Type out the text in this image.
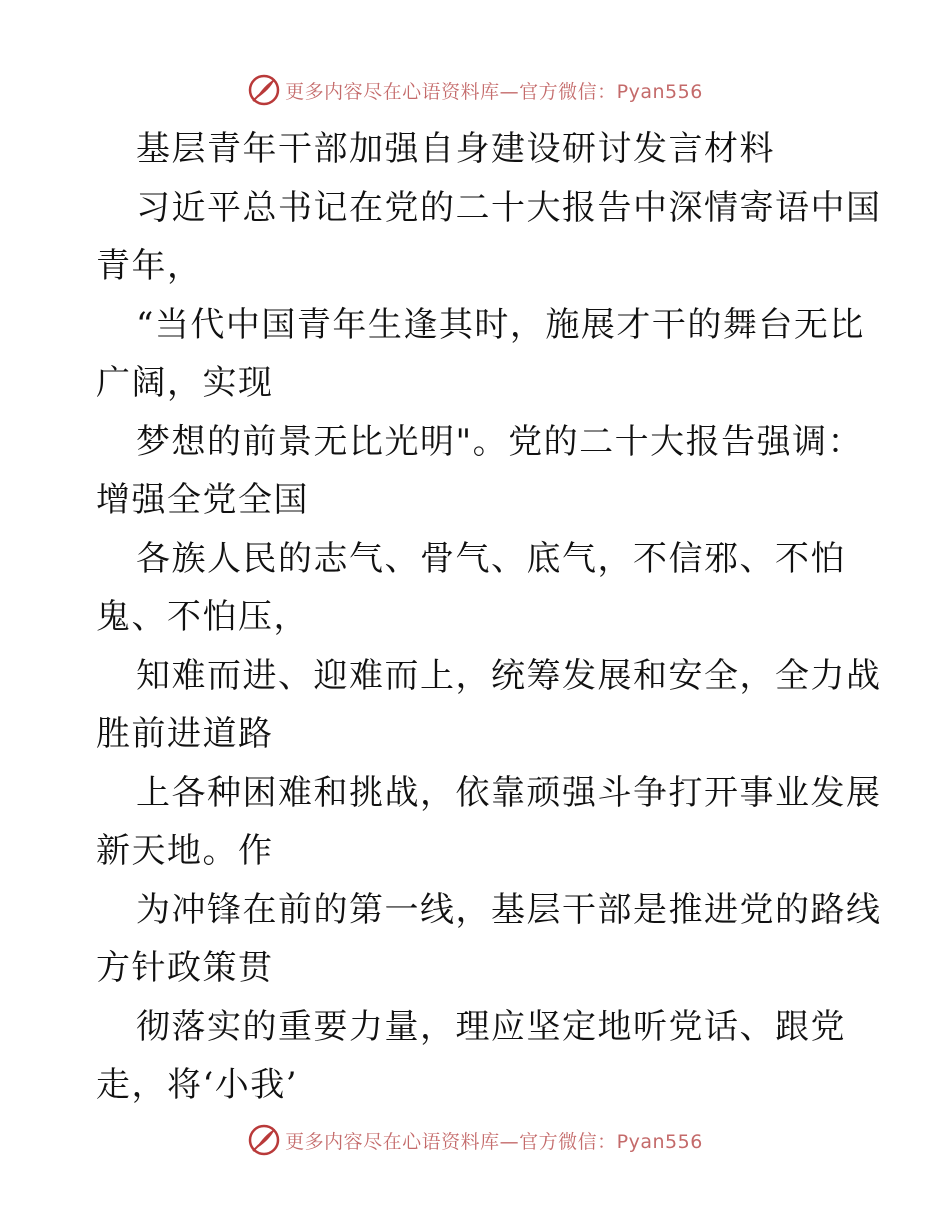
更多内容尽在心语资料库—官方微信：Pyan556
基层青年干部加强自身建设研讨发言材料
习近平总书记在党的二十大报告中深情寄语中国
青年，
“当代中国青年生逢其时，施展才干的舞台无比
广阔，实现
梦想的前景无比光明"。党的二十大报告强调：
增强全党全国
各族人民的志气、骨气、底气，不信邪、不怕
鬼、不怕压，
知难而进、迎难而上，统筹发展和安全，全力战
胜前进道路
上各种困难和挑战，依靠顽强斗争打开事业发展
新天地。作
为冲锋在前的第一线，基层干部是推进党的路线
方针政策贯
彻落实的重要力量，理应坚定地听党话、跟党
走，将‘小我’
更多内容尽在心语资料库—官方微信：Pyan556
